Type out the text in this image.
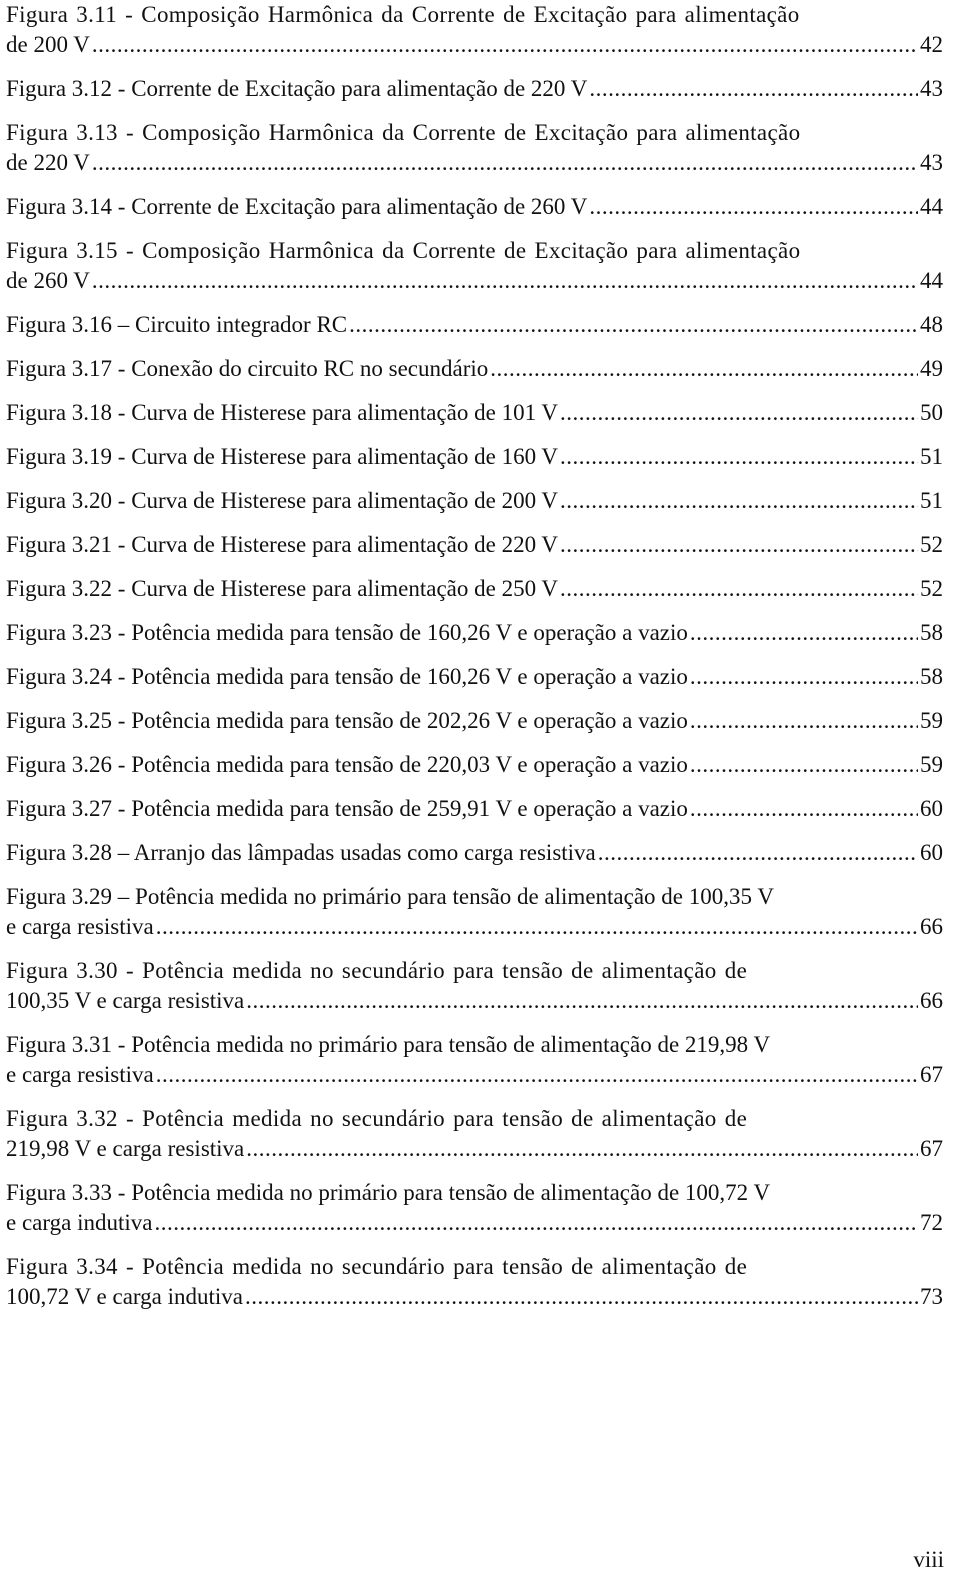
Figura 3.11 - Composição Harmônica da Corrente de Excitação para alimentação
de 200 V .....	42
Figura 3.12 - Corrente de Excitação para alimentação de 220 V .....	43
Figura 3.13 - Composição Harmônica da Corrente de Excitação para alimentação
de 220 V .....	43
Figura 3.14 - Corrente de Excitação para alimentação de 260 V .....	44
Figura 3.15 - Composição Harmônica da Corrente de Excitação para alimentação
de 260 V .....	44
Figura 3.16 – Circuito integrador RC .....	48
Figura 3.17 - Conexão do circuito RC no secundário .....	49
Figura 3.18 - Curva de Histerese para alimentação de 101 V .....	50
Figura 3.19 - Curva de Histerese para alimentação de 160 V .....	51
Figura 3.20 - Curva de Histerese para alimentação de 200 V .....	51
Figura 3.21 - Curva de Histerese para alimentação de 220 V .....	52
Figura 3.22 - Curva de Histerese para alimentação de 250 V .....	52
Figura 3.23 - Potência medida para tensão de 160,26 V e operação a vazio .....	58
Figura 3.24 - Potência medida para tensão de 160,26 V e operação a vazio .....	58
Figura 3.25 - Potência medida para tensão de 202,26 V e operação a vazio .....	59
Figura 3.26 - Potência medida para tensão de 220,03 V e operação a vazio .....	59
Figura 3.27 - Potência medida para tensão de 259,91 V e operação a vazio .....	60
Figura 3.28 – Arranjo das lâmpadas usadas como carga resistiva .....	60
Figura 3.29 – Potência medida no primário para tensão de alimentação de 100,35 V
e carga resistiva .....	66
Figura 3.30 - Potência medida no secundário para tensão de alimentação de
100,35 V e carga resistiva .....	66
Figura 3.31 - Potência medida no primário para tensão de alimentação de 219,98 V
e carga resistiva .....	67
Figura 3.32 - Potência medida no secundário para tensão de alimentação de
219,98 V e carga resistiva .....	67
Figura 3.33 - Potência medida no primário para tensão de alimentação de 100,72 V
e carga indutiva .....	72
Figura 3.34 - Potência medida no secundário para tensão de alimentação de
100,72 V e carga indutiva .....	73
viii
